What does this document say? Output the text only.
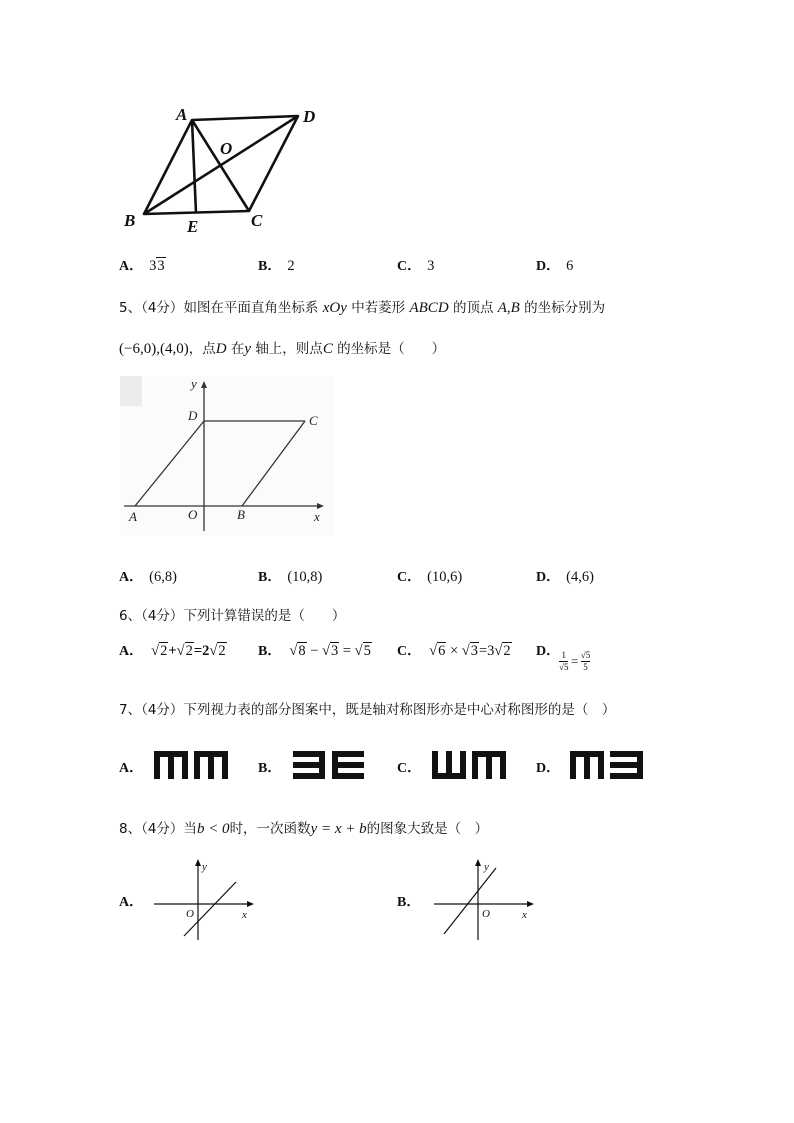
A	D
O
B	E	C
A． 33	B． 2	C． 3	D． 6
5、（4分）如图在平面直角坐标系 xOy 中若菱形 ABCD 的顶点 A,B 的坐标分别为
(−6,0),(4,0)，点D 在y 轴上，则点C 的坐标是（　　）
y
D	C
A	O	B	x
A． (6,8)	B． (10,8)	C． (10,6)	D． (4,6)
6、（4分）下列计算错误的是（　　）
A． √2+√2=2√2 B． √8 − √3 = √5 C． √6 × √3=3√2 D．
$\frac{1}{√5} = \frac{√5}{5}$
7、（4分）下列视力表的部分图案中，既是轴对称图形亦是中心对称图形的是（　）
A．	B．	C．	D．
8、（4分）当b < 0时，一次函数y = x + b的图象大致是（　）
A．
y
O	x
B．
y
O	x
